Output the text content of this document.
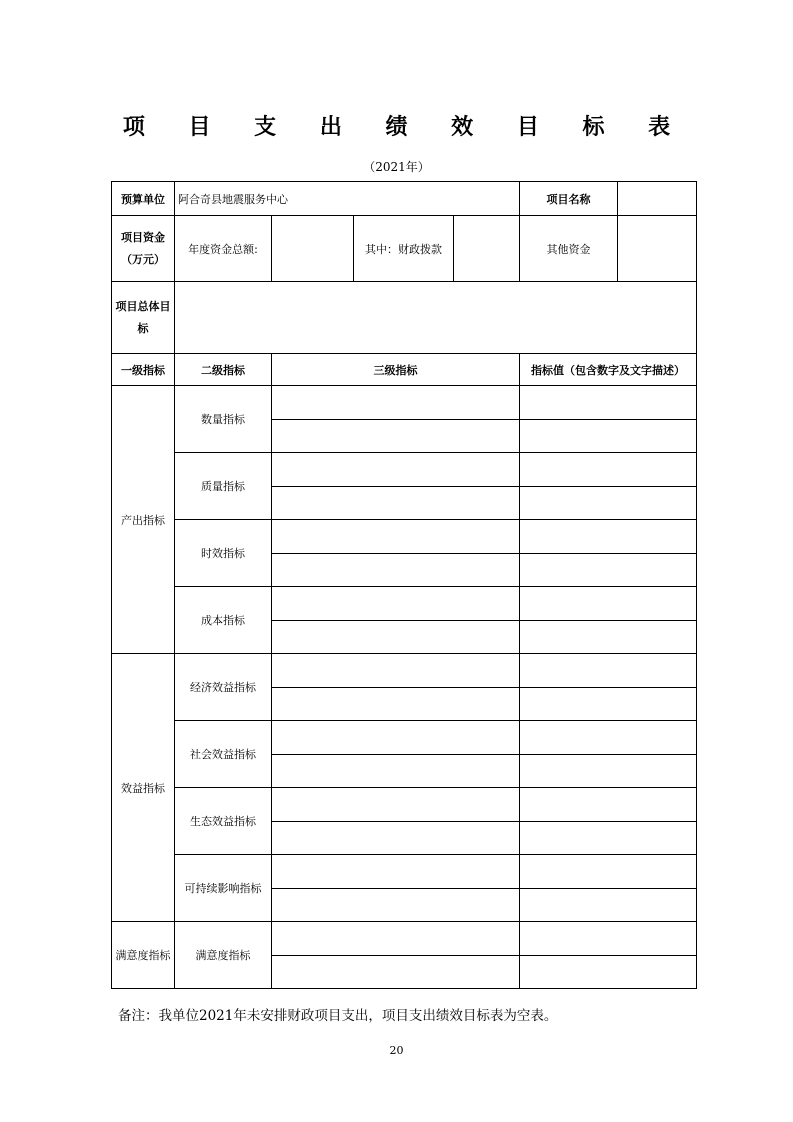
项 目 支 出 绩 效 目 标 表
（2021年）
预算单位	阿合奇县地震服务中心				项目名称	

项目资金
（万元）	年度资金总额:		其中：财政拨款		其他资金	

项目总体目
标						

一级指标	二级指标	三级指标			指标值（包含数字及文字描述）	
产出指标	数量指标					

	质量指标					

	时效指标					

	成本指标					

效益指标	经济效益指标					

	社会效益指标					

	生态效益指标					

	可持续影响指标					

满意度指标	满意度指标					

备注：我单位2021年未安排财政项目支出，项目支出绩效目标表为空表。
20
